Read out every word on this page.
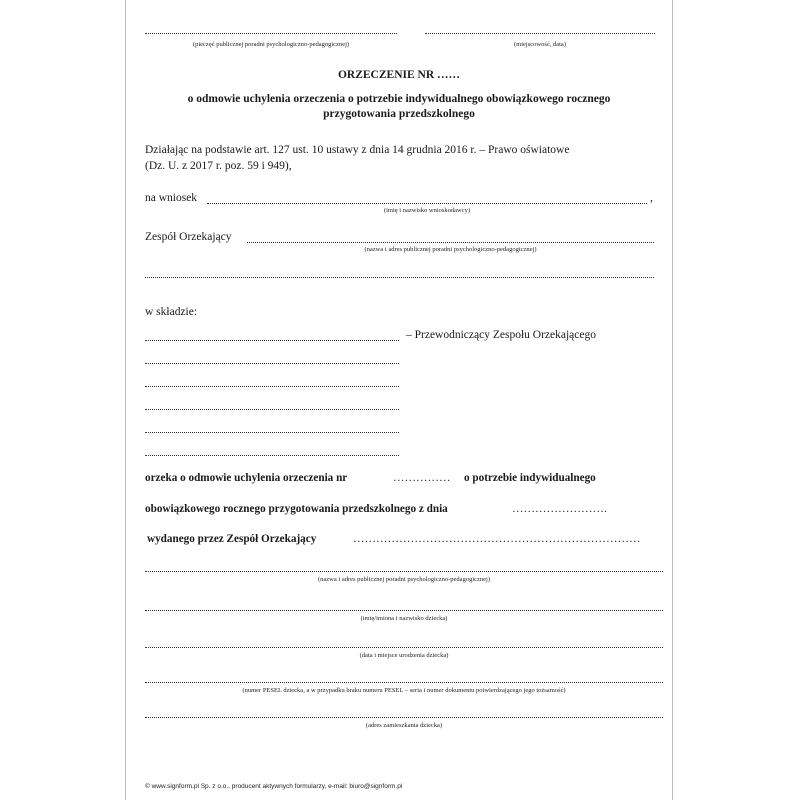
(pieczęć publicznej poradni psychologiczno-pedagogicznej)	(miejscowość, data)
ORZECZENIE NR ……
o odmowie uchylenia orzeczenia o potrzebie indywidualnego obowiązkowego rocznego
przygotowania przedszkolnego
Działając na podstawie art. 127 ust. 10 ustawy z dnia 14 grudnia 2016 r. – Prawo oświatowe
(Dz. U. z 2017 r. poz. 59 i 949),
na wniosek	,
(imię i nazwisko wnioskodawcy)
Zespół Orzekający
(nazwa i adres publicznej poradni psychologiczno-pedagogicznej)
w składzie:
– Przewodniczący Zespołu Orzekającego
orzeka o odmowie uchylenia orzeczenia nr	…………… o potrzebie indywidualnego
obowiązkowego rocznego przygotowania przedszkolnego z dnia	…………………….
wydanego przez Zespół Orzekający	…………………………………………………………………
(nazwa i adres publicznej poradni psychologiczno-pedagogicznej)
(imię/imiona i nazwisko dziecka)
(data i miejsce urodzenia dziecka)
(numer PESEL dziecka, a w przypadku braku numeru PESEL – seria i numer dokumentu potwierdzającego jego tożsamość)
(adres zamieszkania dziecka)
© www.signform.pl Sp. z o.o., producent aktywnych formularzy, e-mail: biuro@signform.pl
